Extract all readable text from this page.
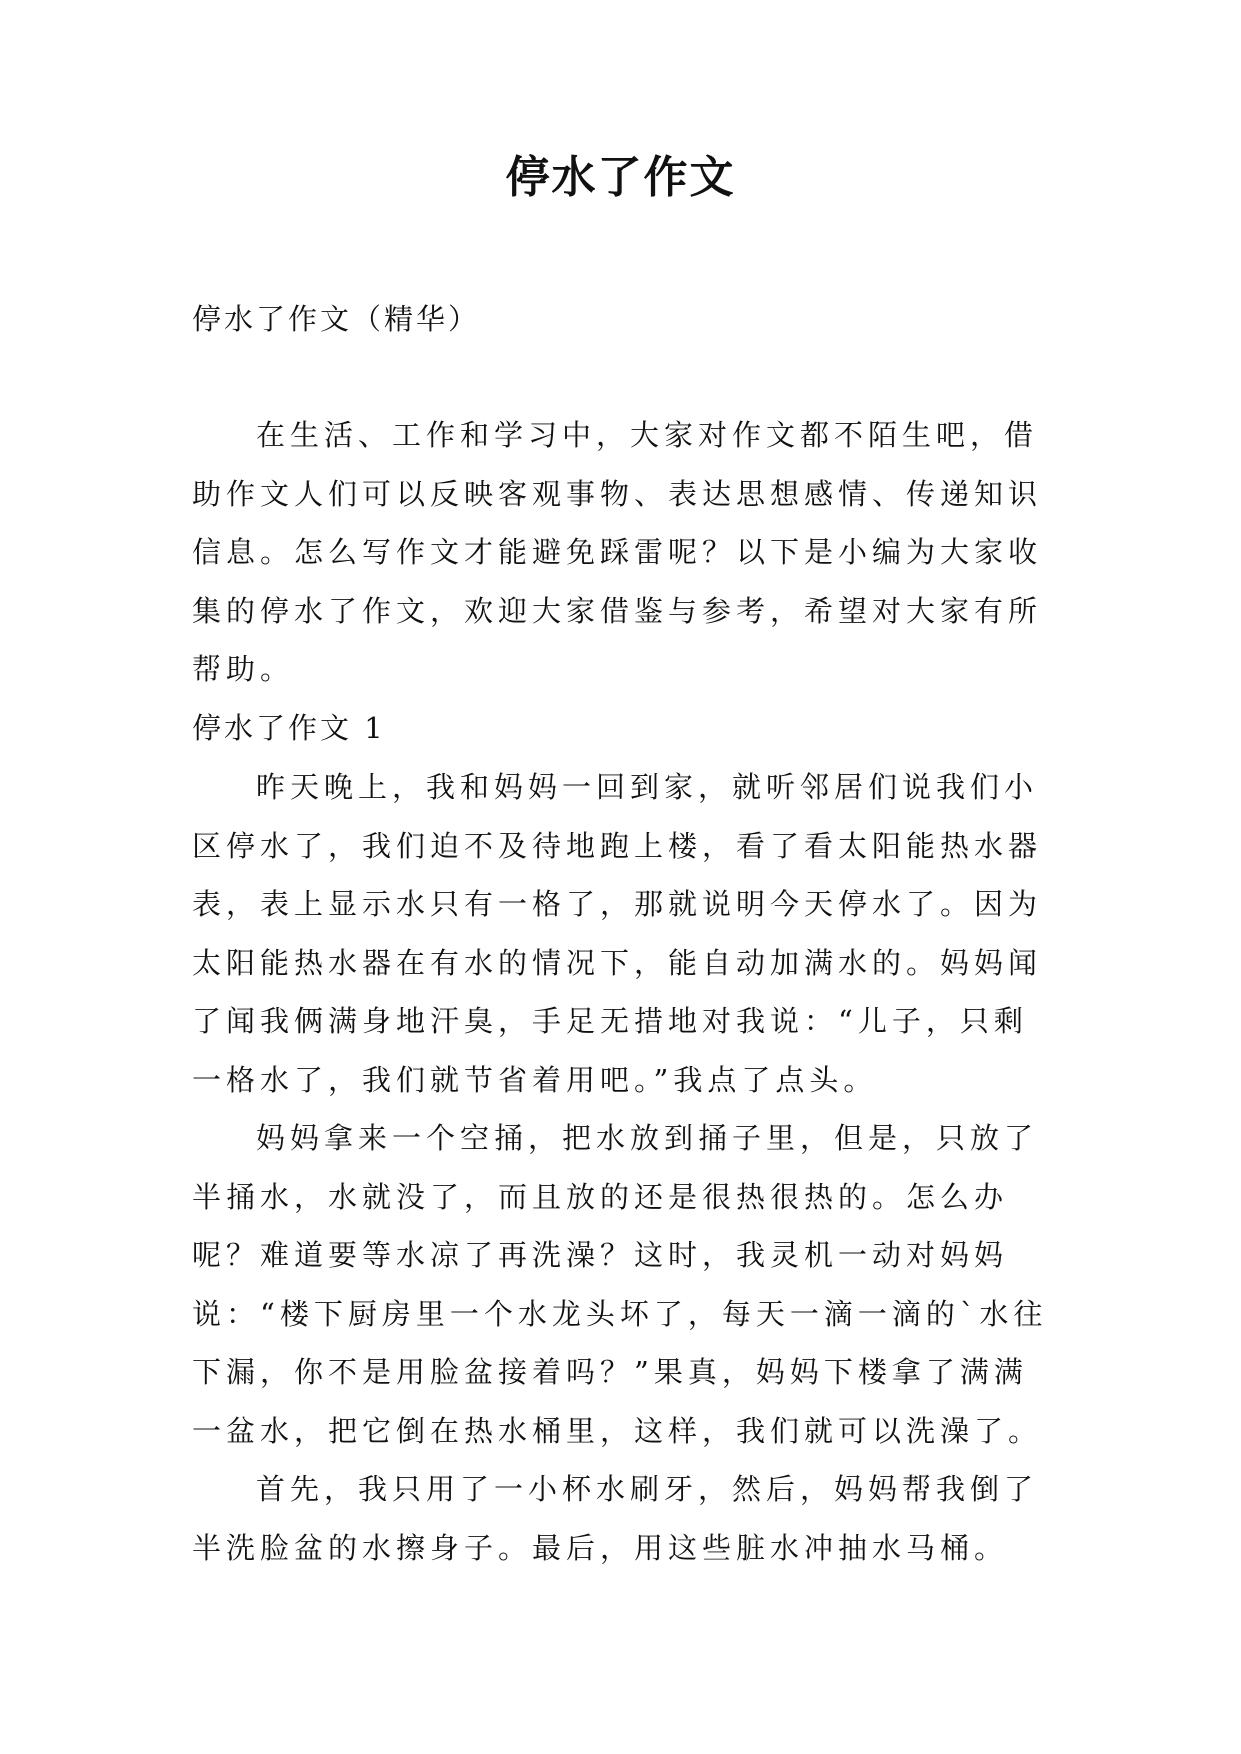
停水了作文

停水了作文（精华）

在生活、工作和学习中，大家对作文都不陌生吧，借助作文人们可以反映客观事物、表达思想感情、传递知识信息。怎么写作文才能避免踩雷呢？以下是小编为大家收集的停水了作文，欢迎大家借鉴与参考，希望对大家有所帮助。

停水了作文 1

昨天晚上，我和妈妈一回到家，就听邻居们说我们小区停水了，我们迫不及待地跑上楼，看了看太阳能热水器表，表上显示水只有一格了，那就说明今天停水了。因为太阳能热水器在有水的情况下，能自动加满水的。妈妈闻了闻我俩满身地汗臭，手足无措地对我说：“儿子，只剩一格水了，我们就节省着用吧。”我点了点头。

妈妈拿来一个空捅，把水放到捅子里，但是，只放了半捅水，水就没了，而且放的还是很热很热的。怎么办呢？难道要等水凉了再洗澡？这时，我灵机一动对妈妈说：“楼下厨房里一个水龙头坏了，每天一滴一滴的`水往下漏，你不是用脸盆接着吗？”果真，妈妈下楼拿了满满一盆水，把它倒在热水桶里，这样，我们就可以洗澡了。

首先，我只用了一小杯水刷牙，然后，妈妈帮我倒了半洗脸盆的水擦身子。最后，用这些脏水冲抽水马桶。
